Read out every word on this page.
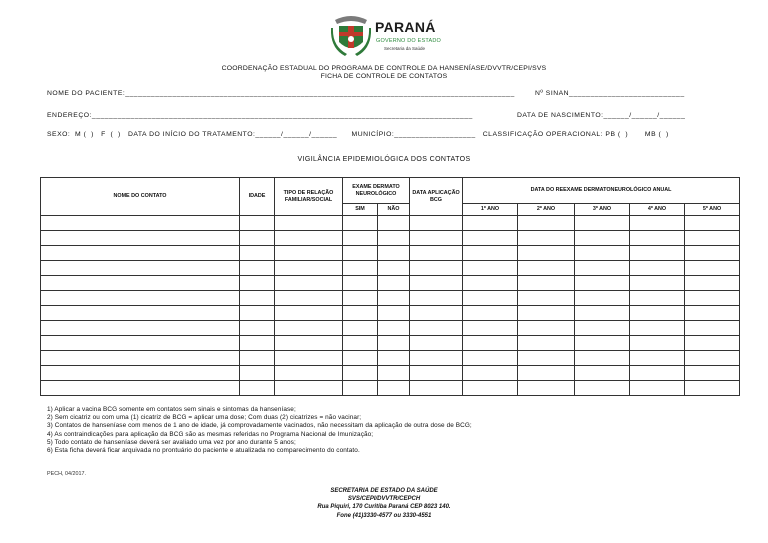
PARANÁ
GOVERNO DO ESTADO
Secretaria da Saúde
COORDENAÇÃO ESTADUAL DO PROGRAMA DE CONTROLE DA HANSENÍASE/DVVTR/CEPI/SVS
FICHA DE CONTROLE DE CONTATOS
NOME DO PACIENTE:___________________________________________________________________________________________	Nº SINAN___________________________
ENDEREÇO:_________________________________________________________________________________________	DATA DE NASCIMENTO:______/______/______
SEXO:  M (  )   F  (  )   DATA DO INÍCIO DO TRATAMENTO:______/______/______      MUNICÍPIO:___________________   CLASSIFICAÇÃO OPERACIONAL: PB (  )       MB (  )
VIGILÂNCIA EPIDEMIOLÓGICA DOS CONTATOS
NOME DO CONTATO	IDADE	TIPO DE RELAÇÃO FAMILIAR/SOCIAL	EXAME DERMATO NEUROLÓGICO		DATA APLICAÇÃO BCG	DATA DO REEXAME DERMATONEUROLÓGICO ANUAL				
			SIM	NÃO		1º ANO	2º ANO	3º ANO	4º ANO	5º ANO

1) Aplicar a vacina BCG somente em contatos sem sinais e sintomas da hanseníase;
2) Sem cicatriz ou com uma (1) cicatriz de BCG = aplicar uma dose; Com duas (2) cicatrizes = não vacinar;
3) Contatos de hanseníase com menos de 1 ano de idade, já comprovadamente vacinados, não necessitam da aplicação de outra dose de BCG;
4) As contraindicações para aplicação da BCG são as mesmas referidas no Programa Nacional de Imunização;
5) Todo contato de hanseníase deverá ser avaliado uma vez por ano durante 5 anos;
6) Esta ficha deverá ficar arquivada no prontuário do paciente e atualizada no comparecimento do contato.
PECH, 04/2017.
SECRETARIA DE ESTADO DA SAÚDE
SVS/CEPI/DVVTR/CEPCH
Rua Piquiri, 170 Curitiba Paraná CEP 8023 140.
Fone (41)3330-4577 ou 3330-4551
